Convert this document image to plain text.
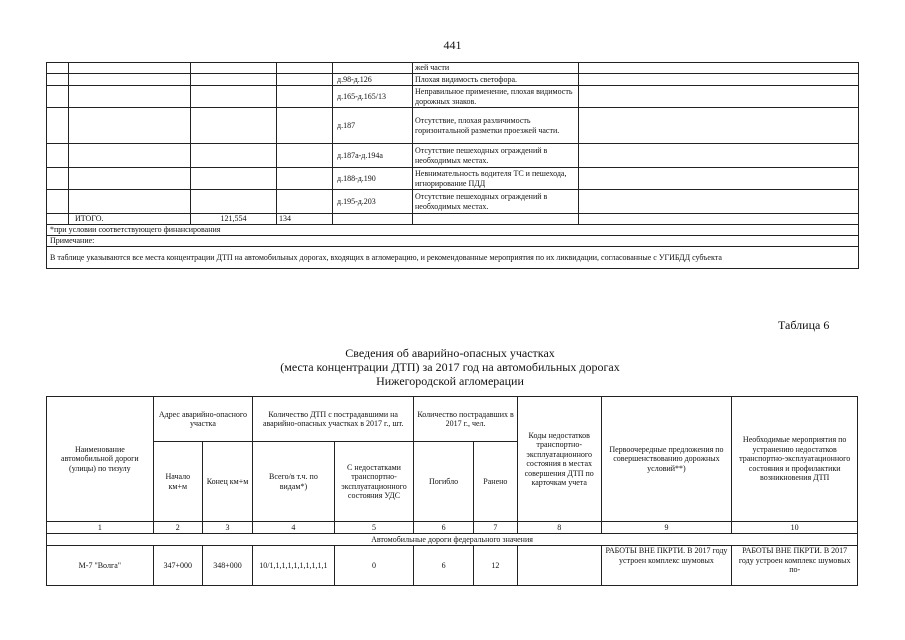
441
					жей части	
				д.98-д.126	Плохая видимость светофора.	
				д.165-д.165/13	Неправильное применение, плохая видимость дорожных знаков.	
				д.187	Отсутствие, плохая различимость горизонтальной разметки проезжей части.	
				д.187а-д.194а	Отсутствие пешеходных ограждений в необходимых местах.	
				д.188-д.190	Невнимательность водителя ТС и пешехода, игнорирование ПДД	
				д.195-д.203	Отсутствие пешеходных ограждений в необходимых местах.	
	ИТОГО.	121,554	134			
*при условии соответствующего финансирования						
Примечание:						
В таблице указываются все места концентрации ДТП на автомобильных дорогах, входящих в агломерацию, и рекомендованные мероприятия по их ликвидации, согласованные с УГИБДД субъекта						
Таблица 6
Сведения об аварийно-опасных участках
(места концентрации ДТП) за 2017 год на автомобильных дорогах
Нижегородской агломерации
Наименование автомобильной дороги (улицы) по тизулу	Адрес аварийно-опасного участка		Количество ДТП с пострадавшими на аварийно-опасных участках в 2017 г., шт.		Количество пострадавших в 2017 г., чел.		Коды недостатков транспортно-эксплуатационного состояния в местах совершения ДТП по карточкам учета	Первоочередные предложения по совершенствованию дорожных условий**)	Необходимые мероприятия по устранению недостатков транспортно-эксплуатационного состояния и профилактики возникновения ДТП
	Начало км+м	Конец км+м	Всего/в т.ч. по видам*)	С недостатками транспортно-эксплуатационного состояния УДС	Погибло	Ранено			
1	2	3	4	5	6	7	8	9	10
Автомобильные дороги федерального значения									
М-7 "Волга"	347+000	348+000	10/1,1,1,1,1,1,1,1,1,1	0	6	12		РАБОТЫ ВНЕ ПКРТИ. В 2017 году устроен комплекс шумовых	РАБОТЫ ВНЕ ПКРТИ. В 2017 году устроен комплекс шумовых по-
